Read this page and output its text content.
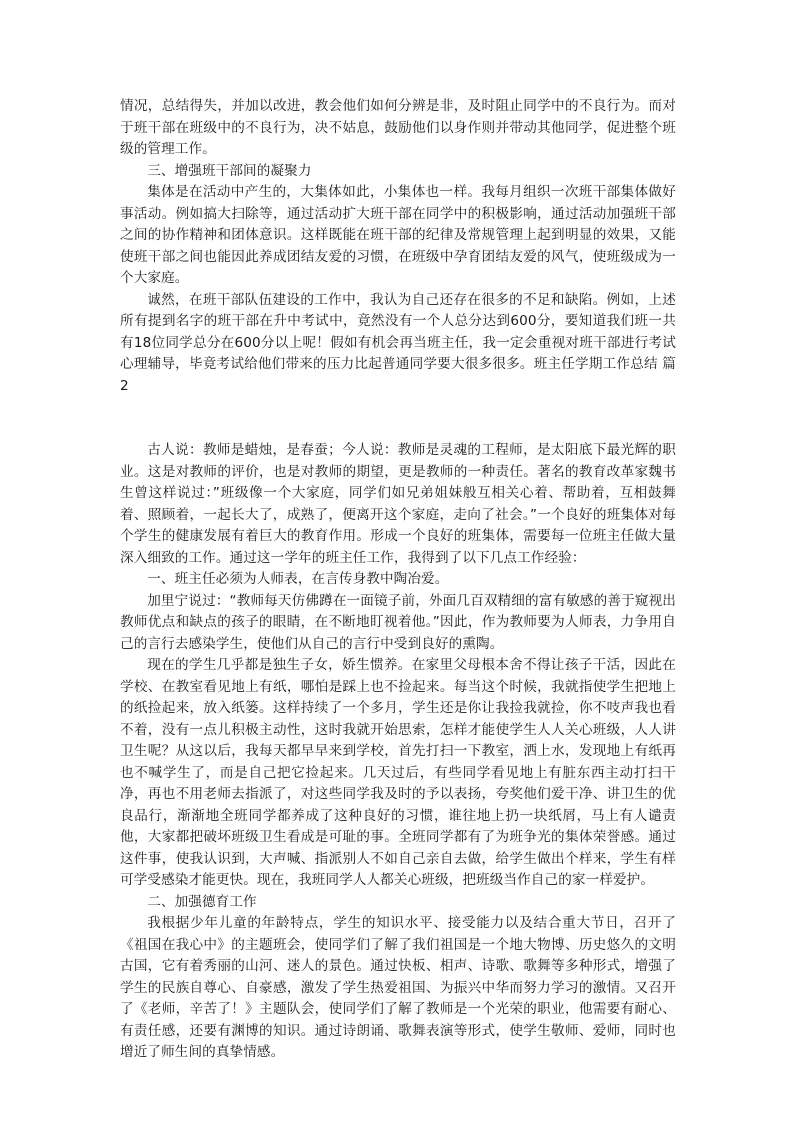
情况，总结得失，并加以改进，教会他们如何分辨是非，及时阻止同学中的不良行为。而对于班干部在班级中的不良行为，决不姑息，鼓励他们以身作则并带动其他同学，促进整个班级的管理工作。

三、增强班干部间的凝聚力

集体是在活动中产生的，大集体如此，小集体也一样。我每月组织一次班干部集体做好事活动。例如搞大扫除等，通过活动扩大班干部在同学中的积极影响，通过活动加强班干部之间的协作精神和团体意识。这样既能在班干部的纪律及常规管理上起到明显的效果，又能使班干部之间也能因此养成团结友爱的习惯，在班级中孕育团结友爱的风气，使班级成为一个大家庭。

诚然，在班干部队伍建设的工作中，我认为自己还存在很多的不足和缺陷。例如，上述所有提到名字的班干部在升中考试中，竟然没有一个人总分达到600分，要知道我们班一共有18位同学总分在600分以上呢！假如有机会再当班主任，我一定会重视对班干部进行考试心理辅导，毕竟考试给他们带来的压力比起普通同学要大很多很多。班主任学期工作总结 篇2

古人说：教师是蜡烛，是春蚕；今人说：教师是灵魂的工程师，是太阳底下最光辉的职业。这是对教师的评价，也是对教师的期望，更是教师的一种责任。著名的教育改革家魏书生曾这样说过：”班级像一个大家庭，同学们如兄弟姐妹般互相关心着、帮助着，互相鼓舞着、照顾着，一起长大了，成熟了，便离开这个家庭，走向了社会。”一个良好的班集体对每个学生的健康发展有着巨大的教育作用。形成一个良好的班集体，需要每一位班主任做大量深入细致的工作。通过这一学年的班主任工作，我得到了以下几点工作经验：

一、班主任必须为人师表，在言传身教中陶冶爱。

加里宁说过：“教师每天仿佛蹲在一面镜子前，外面几百双精细的富有敏感的善于窥视出教师优点和缺点的孩子的眼睛，在不断地盯视着他。”因此，作为教师要为人师表，力争用自己的言行去感染学生，使他们从自己的言行中受到良好的熏陶。

现在的学生几乎都是独生子女，娇生惯养。在家里父母根本舍不得让孩子干活，因此在学校、在教室看见地上有纸，哪怕是踩上也不捡起来。每当这个时候，我就指使学生把地上的纸捡起来，放入纸篓。这样持续了一个多月，学生还是你让我捡我就捡，你不吱声我也看不着，没有一点儿积极主动性，这时我就开始思索，怎样才能使学生人人关心班级，人人讲卫生呢？从这以后，我每天都早早来到学校，首先打扫一下教室，洒上水，发现地上有纸再也不喊学生了，而是自己把它捡起来。几天过后，有些同学看见地上有脏东西主动打扫干净，再也不用老师去指派了，对这些同学我及时的予以表扬，夸奖他们爱干净、讲卫生的优良品行，渐渐地全班同学都养成了这种良好的习惯，谁往地上扔一块纸屑，马上有人谴责他，大家都把破坏班级卫生看成是可耻的事。全班同学都有了为班争光的集体荣誉感。通过这件事，使我认识到，大声喊、指派别人不如自己亲自去做，给学生做出个样来，学生有样可学受感染才能更快。现在，我班同学人人都关心班级，把班级当作自己的家一样爱护。

二、加强德育工作

我根据少年儿童的年龄特点，学生的知识水平、接受能力以及结合重大节日，召开了《祖国在我心中》的主题班会，使同学们了解了我们祖国是一个地大物博、历史悠久的文明古国，它有着秀丽的山河、迷人的景色。通过快板、相声、诗歌、歌舞等多种形式，增强了学生的民族自尊心、自豪感，激发了学生热爱祖国、为振兴中华而努力学习的激情。又召开了《老师，辛苦了！》主题队会，使同学们了解了教师是一个光荣的职业，他需要有耐心、有责任感，还要有渊博的知识。通过诗朗诵、歌舞表演等形式，使学生敬师、爱师，同时也增近了师生间的真挚情感。
